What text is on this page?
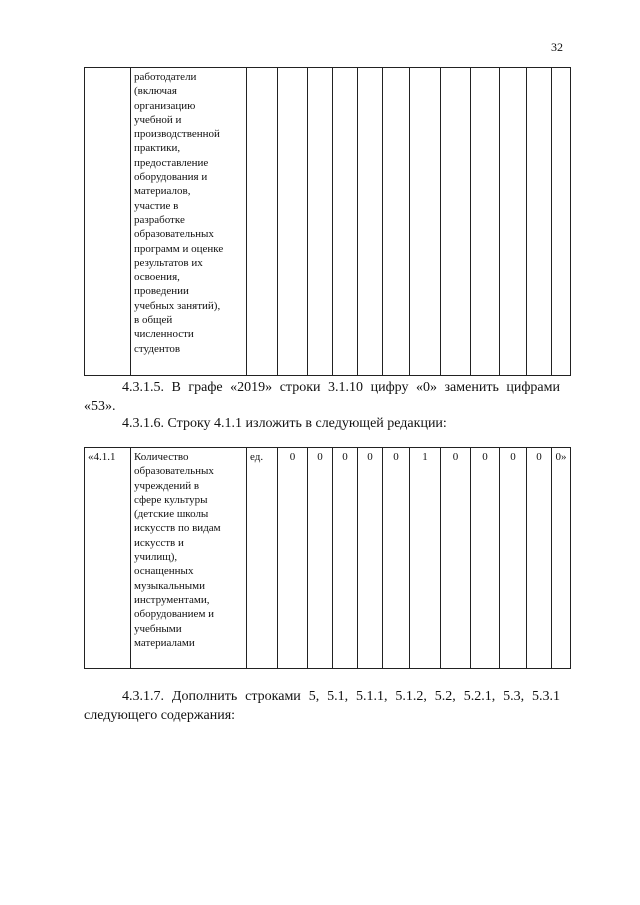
32

работодатели
(включая
организацию
учебной и
производственной
практики,
предоставление
оборудования и
материалов,
участие в
разработке
образовательных
программ и оценке
результатов их
освоения,
проведении
учебных занятий),
в общей
численности
студентов

4.3.1.5. В графе «2019» строки 3.1.10 цифру «0» заменить цифрами
«53».
4.3.1.6. Строку 4.1.1 изложить в следующей редакции:
«4.1.1	Количество
образовательных
учреждений в
сфере культуры
(детские школы
искусств по видам
искусств и
училищ),
оснащенных
музыкальными
инструментами,
оборудованием и
учебными
материалами
	ед.	0	0	0	0	0	1	0	0	0	0	0»
4.3.1.7. Дополнить строками 5, 5.1, 5.1.1, 5.1.2, 5.2, 5.2.1, 5.3, 5.3.1
следующего содержания:
